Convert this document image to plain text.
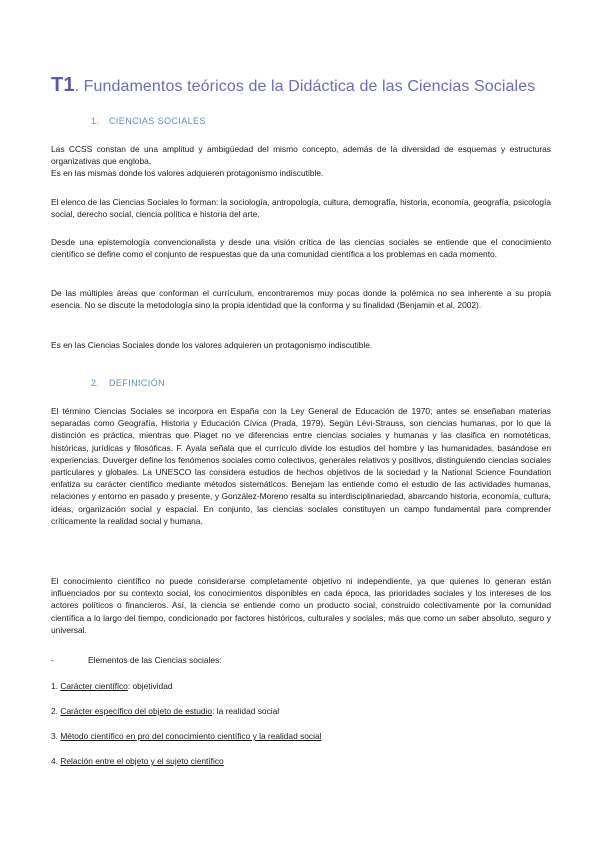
T1. Fundamentos teóricos de la Didáctica de las Ciencias Sociales
1. CIENCIAS SOCIALES

Las CCSS constan de una amplitud y ambigüedad del mismo concepto, además de la diversidad de esquemas y estructuras organizativas que engloba.

Es en las mismas donde los valores adquieren protagonismo indiscutible.

El elenco de las Ciencias Sociales lo forman: la sociología, antropología, cultura, demografía, historia, economía, geografía, psicología social, derecho social, ciencia política e historia del arte.

Desde una epistemología convencionalista y desde una visión crítica de las ciencias sociales se entiende que el conocimiento científico se define como el conjunto de respuestas que da una comunidad científica a los problemas en cada momento.

De las múltiples áreas que conforman el currículum, encontraremos muy pocas donde la polémica no sea inherente a su propia esencia. No se discute la metodología sino la propia identidad que la conforma y su finalidad (Benjamin et al, 2002).

Es en las Ciencias Sociales donde los valores adquieren un protagonismo indiscutible.

2. DEFINICIÓN

El término Ciencias Sociales se incorpora en España con la Ley General de Educación de 1970; antes se enseñaban materias separadas como Geografía, Historia y Educación Cívica (Prada, 1979). Según Lévi-Strauss, son ciencias humanas, por lo que la distinción es práctica, mientras que Piaget no ve diferencias entre ciencias sociales y humanas y las clasifica en nomotéticas, históricas, jurídicas y filosóficas. F. Ayala señala que el currículo divide los estudios del hombre y las humanidades, basándose en experiencias. Duverger define los fenómenos sociales como colectivos, generales relativos y positivos, distinguiendo ciencias sociales particulares y globales. La UNESCO las considera estudios de hechos objetivos de la sociedad y la National Science Foundation enfatiza su carácter científico mediante métodos sistemáticos. Benejam las entiende como el estudio de las actividades humanas, relaciones y entorno en pasado y presente, y González-Moreno resalta su interdisciplinariedad, abarcando historia, economía, cultura, ideas, organización social y espacial. En conjunto, las ciencias sociales constituyen un campo fundamental para comprender críticamente la realidad social y humana.

El conocimiento científico no puede considerarse completamente objetivo ni independiente, ya que quienes lo generan están influenciados por su contexto social, los conocimientos disponibles en cada época, las prioridades sociales y los intereses de los actores políticos o financieros. Así, la ciencia se entiende como un producto social, construido colectivamente por la comunidad científica a lo largo del tiempo, condicionado por factores históricos, culturales y sociales, más que como un saber absoluto, seguro y universal.

-	Elementos de las Ciencias sociales:
1. Carácter científico: objetividad
2. Carácter específico del objeto de estudio: la realidad social
3. Método científico en pro del conocimiento científico y la realidad social
4. Relación entre el objeto y el sujeto científico
